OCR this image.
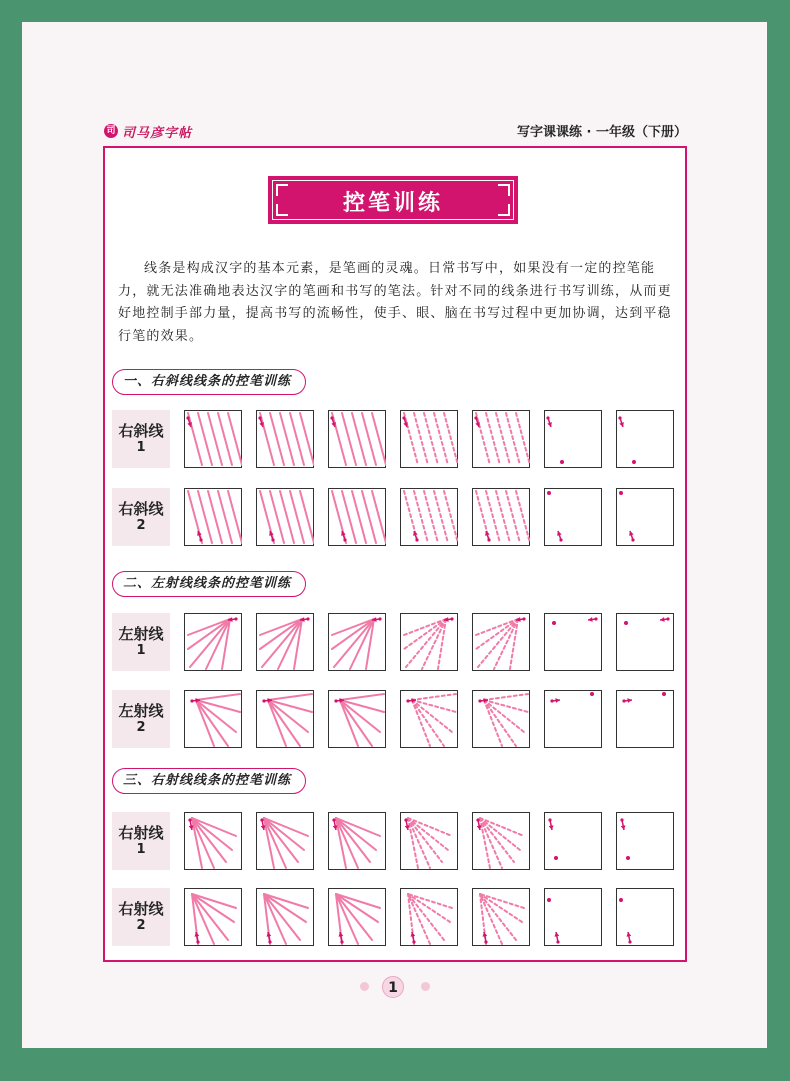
司 司马彦字帖	写字课课练 · 一年级（下册）
控笔训练

线条是构成汉字的基本元素，是笔画的灵魂。日常书写中，如果没有一定的控笔能力，就无法准确地表达汉字的笔画和书写的笔法。针对不同的线条进行书写训练，从而更好地控制手部力量，提高书写的流畅性，使手、眼、脑在书写过程中更加协调，达到平稳行笔的效果。

一、右斜线线条的控笔训练
二、左射线线条的控笔训练
三、右射线线条的控笔训练
右斜线
1
右斜线
2
左射线
1
左射线
2
右射线
1
右射线
2
1
